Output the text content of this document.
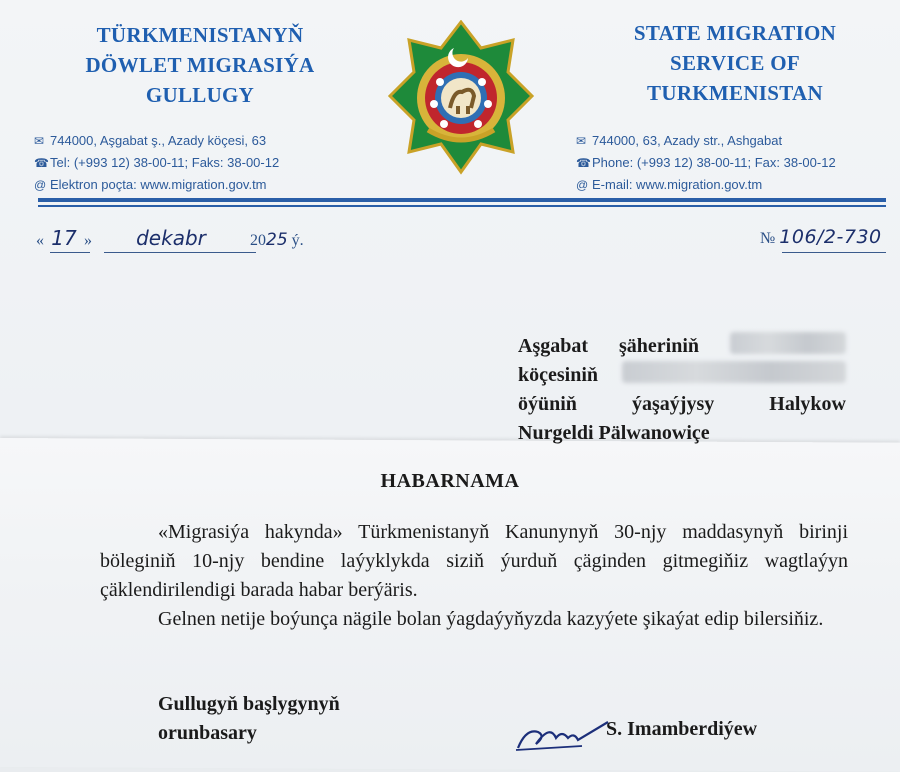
TÜRKMENISTANYŇ
DÖWLET MIGRASIÝA
GULLUGY
STATE MIGRATION
SERVICE OF
TURKMENISTAN
✉ 744000, Aşgabat ş., Azady köçesi, 63
☎Tel: (+993 12) 38-00-11; Faks: 38-00-12
@ Elektron poçta: www.migration.gov.tm
✉ 744000, 63, Azady str., Ashgabat
☎Phone: (+993 12) 38-00-11; Fax: 38-00-12
@ E-mail: www.migration.gov.tm
« 17 » dekabr	2025 ý.	№ 106/2-730
Aşgabat şäheriniň
köçesiniň
öýüniň	ýaşaýjysy	Halykow
Nurgeldi Pälwanowiçe
HABARNAMA

«Migrasiýa hakynda» Türkmenistanyň Kanunynyň 30-njy maddasynyň birinji böleginiň 10-njy bendine laýyklykda siziň ýurduň çäginden gitmegiňiz wagtlaýyn çäklendirilendigi barada habar berýäris.

Gelnen netije boýunça nägile bolan ýagdaýyňyzda kazyýete şikaýat edip bilersiňiz.

Gullugyň başlygynyň
orunbasary	S. Imamberdiýew
